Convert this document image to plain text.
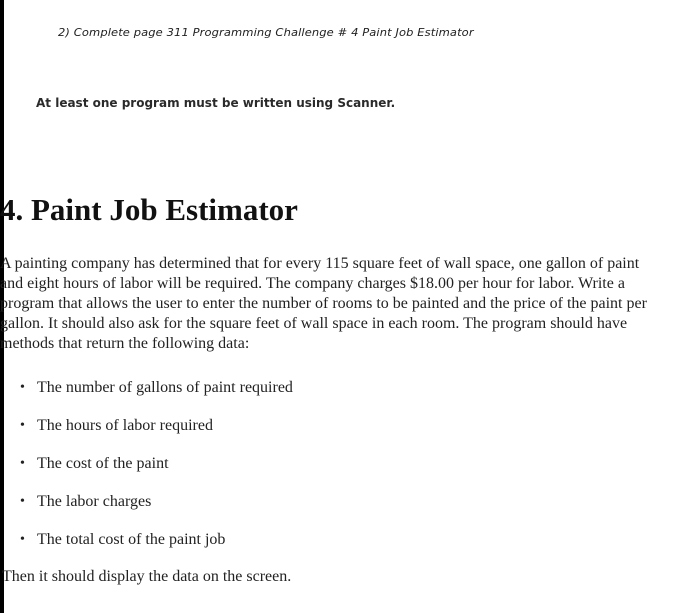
2) Complete page 311 Programming Challenge # 4 Paint Job Estimator
At least one program must be written using Scanner.
4. Paint Job Estimator
A painting company has determined that for every 115 square feet of wall space, one gallon of paint
and eight hours of labor will be required. The company charges $18.00 per hour for labor. Write a
program that allows the user to enter the number of rooms to be painted and the price of the paint per
gallon. It should also ask for the square feet of wall space in each room. The program should have
methods that return the following data:
• The number of gallons of paint required
• The hours of labor required
• The cost of the paint
• The labor charges
• The total cost of the paint job
Then it should display the data on the screen.
